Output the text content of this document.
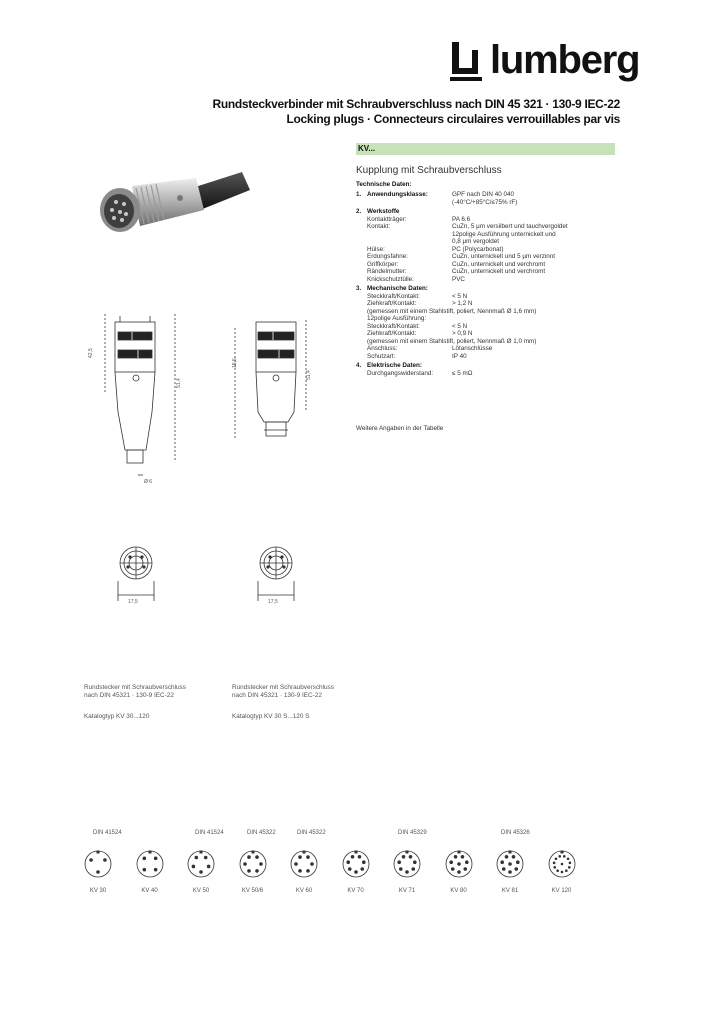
lumberg
Rundsteckverbinder mit Schraubverschluss nach DIN 45 321 · 130-9 IEC-22
Locking plugs · Connecteurs circulaires verrouillables par vis
42,5
51,4
Ø 6
19,5
51,4
17,5	17,5
KV...
Kupplung mit Schraubverschluss
Technische Daten:
1. Anwendungsklasse:	GPF nach DIN 40 040
(-40°C/+85°C/≤75% rF)
2. Werkstoffe
Kontaktträger:	PA 6.6
Kontakt:	CuZn, 5 µm versilbert und tauchvergoldet
12polige Ausführung unternickelt und
0,8 µm vergoldet
Hülse:	PC (Polycarbonat)
Erdungsfahne:	CuZn, unternickelt und 5 µm verzinnt
Griffkörper:	CuZn, unternickelt und verchromt
Rändelmutter:	CuZn, unternickelt und verchromt
Knickschutztülle:	PVC
3. Mechanische Daten:
Steckkraft/Kontakt:	< 5 N
Ziehkraft/Kontakt:	> 1,2 N
(gemessen mit einem Stahlstift, poliert, Nennmaß Ø 1,6 mm)
12polige Ausführung:
Steckkraft/Kontakt:	< 5 N
Ziehkraft/Kontakt:	> 0,9 N
(gemessen mit einem Stahlstift, poliert, Nennmaß Ø 1,0 mm)
Anschluss:	Lötanschlüsse
Schutzart:	IP 40
4. Elektrische Daten:
Durchgangswiderstand:	≤ 5 mΩ
Weitere Angaben in der Tabelle
Rundstecker mit Schraubverschluss
nach DIN 45321 · 130-9 IEC-22
Katalogtyp KV 30...120
Rundstecker mit Schraubverschluss
nach DIN 45321 · 130-9 IEC-22
Katalogtyp KV 30 S...120 S
DIN 41524	DIN 41524	DIN 45322	DIN 45322	DIN 45329	DIN 45326
KV 30	KV 40	KV 50	KV 50/6	KV 60	KV 70	KV 71	KV 80	KV 81	KV 120
